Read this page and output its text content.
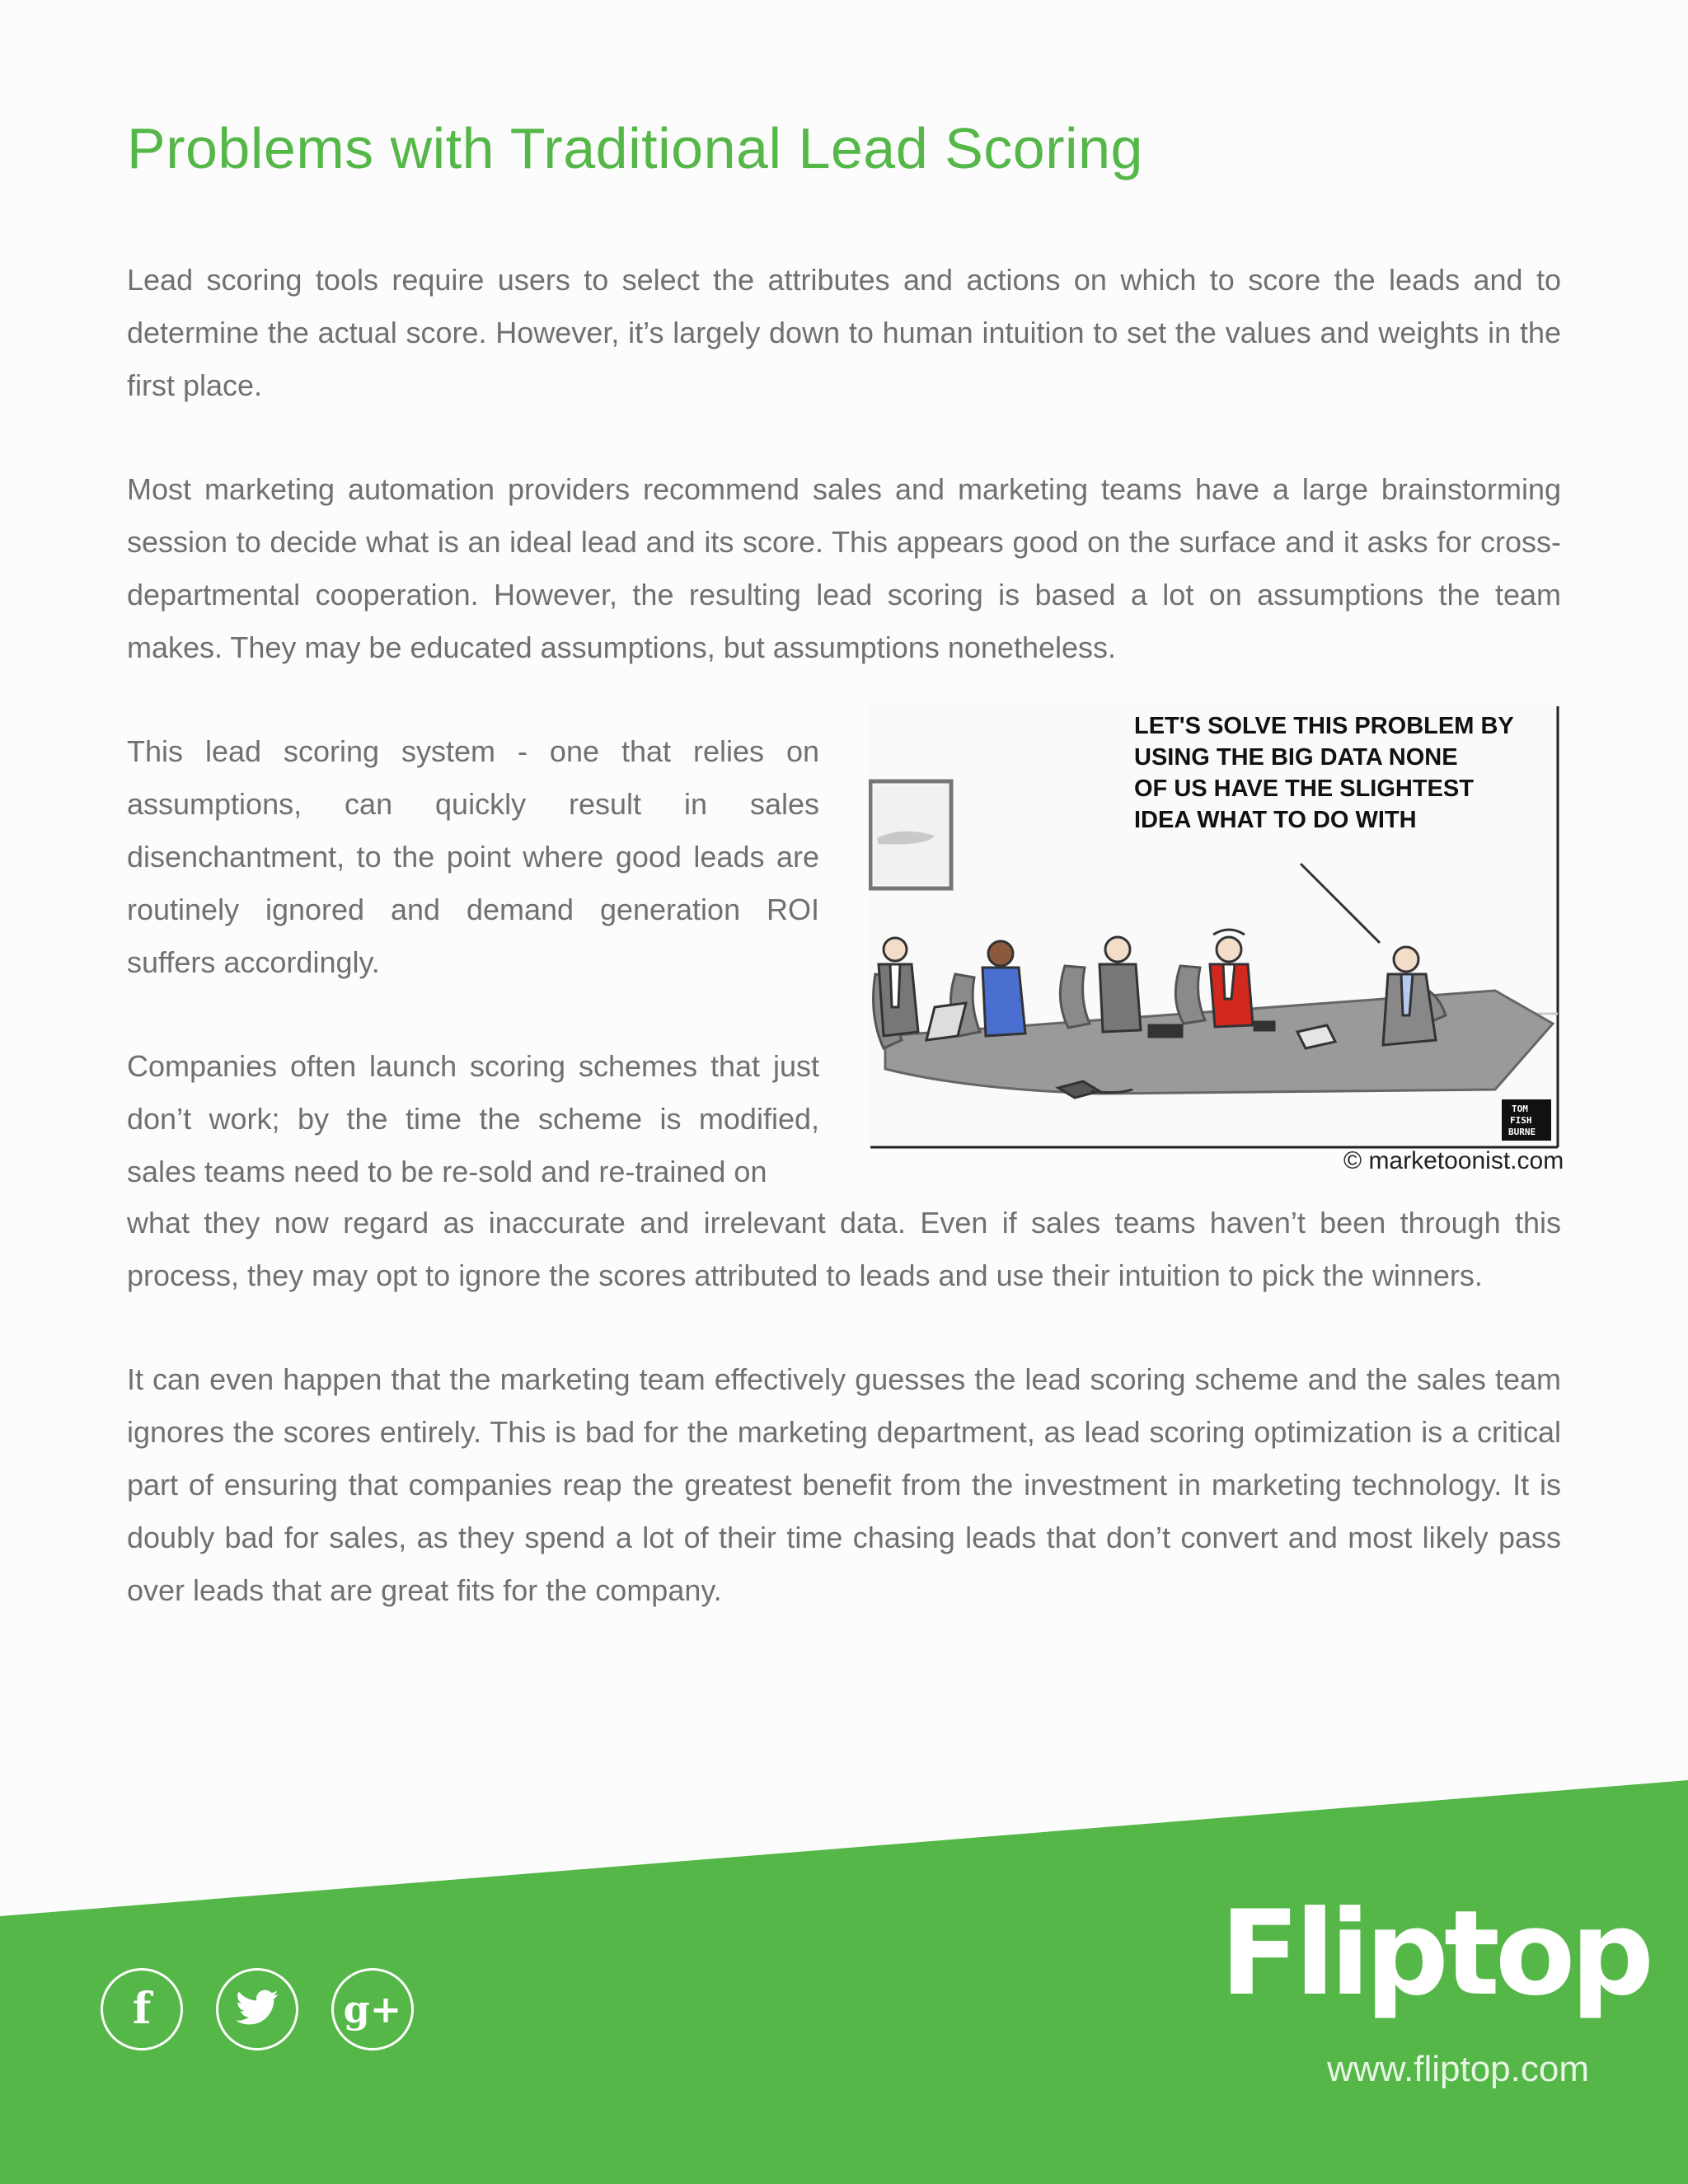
Problems with Traditional Lead Scoring

Lead scoring tools require users to select the attributes and actions on which to score the leads and to determine the actual score. However, it’s largely down to human intuition to set the values and weights in the first place.

Most marketing automation providers recommend sales and marketing teams have a large brainstorming session to decide what is an ideal lead and its score. This appears good on the surface and it asks for cross-departmental cooperation. However, the resulting lead scoring is based a lot on assumptions the team makes. They may be educated assumptions, but assumptions nonetheless.

This lead scoring system - one that relies on assumptions, can quickly result in sales disenchantment, to the point where good leads are routinely ignored and demand generation ROI suffers accordingly.

Companies often launch scoring schemes that just don’t work; by the time the scheme is modified, sales teams need to be re-sold and re-trained on

what they now regard as inaccurate and irrelevant data. Even if sales teams haven’t been through this process, they may opt to ignore the scores attributed to leads and use their intuition to pick the winners.

It can even happen that the marketing team effectively guesses the lead scoring scheme and the sales team ignores the scores entirely. This is bad for the marketing department, as lead scoring optimization is a critical part of ensuring that companies reap the greatest benefit from the investment in marketing technology. It is doubly bad for sales, as they spend a lot of their time chasing leads that don’t convert and most likely pass over leads that are great fits for the company.

LET'S SOLVE THIS PROBLEM BY
USING THE BIG DATA NONE
OF US HAVE THE SLIGHTEST
IDEA WHAT TO DO WITH
TOM
FISH
BURNE
© marketoonist.com
f	g+	Fliptop
www.fliptop.com
